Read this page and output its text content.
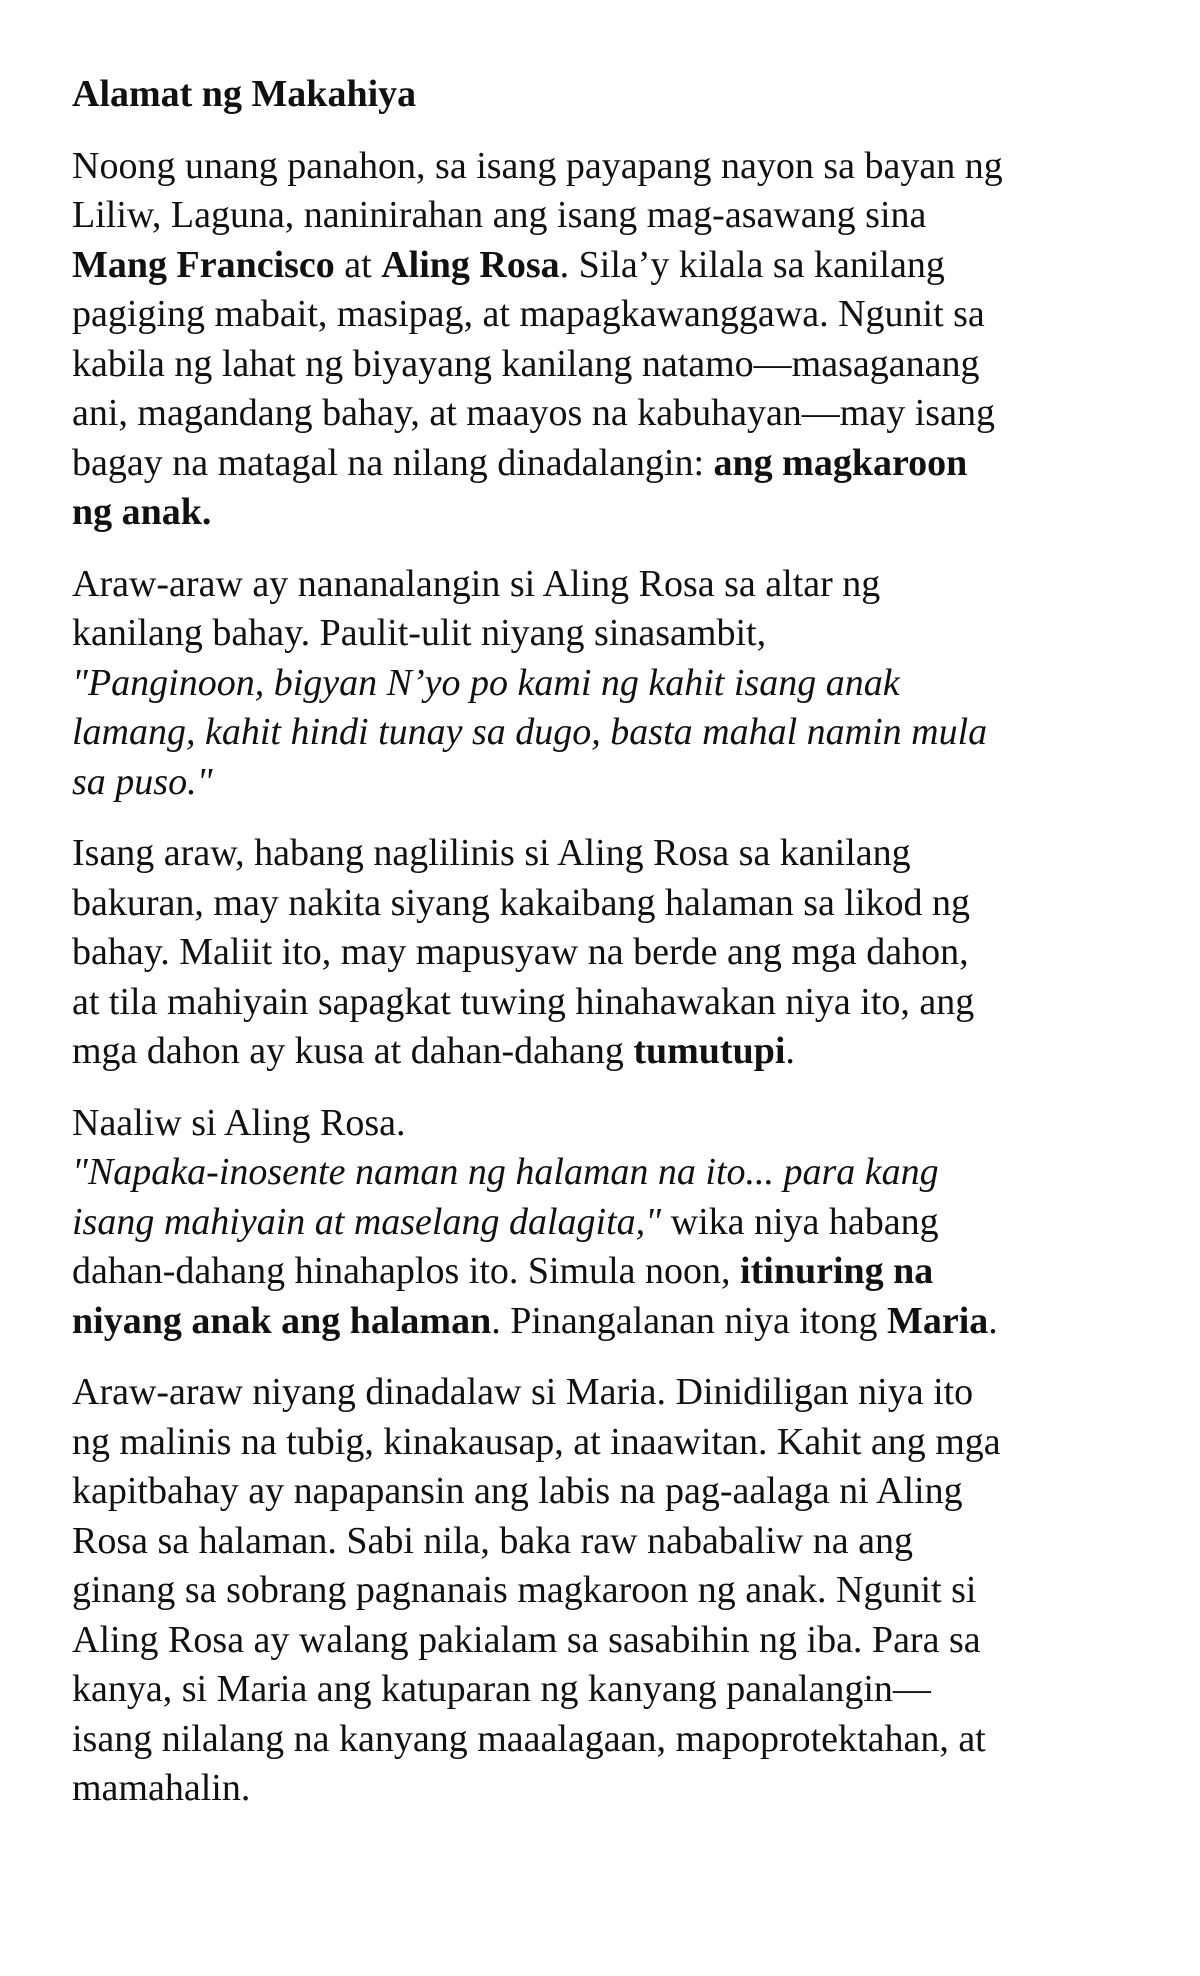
Alamat ng Makahiya

Noong unang panahon, sa isang payapang nayon sa bayan ng
Liliw, Laguna, naninirahan ang isang mag-asawang sina
Mang Francisco at Aling Rosa. Sila’y kilala sa kanilang
pagiging mabait, masipag, at mapagkawanggawa. Ngunit sa
kabila ng lahat ng biyayang kanilang natamo—masaganang
ani, magandang bahay, at maayos na kabuhayan—may isang
bagay na matagal na nilang dinadalangin: ang magkaroon
ng anak.

Araw-araw ay nananalangin si Aling Rosa sa altar ng
kanilang bahay. Paulit-ulit niyang sinasambit,
"Panginoon, bigyan N’yo po kami ng kahit isang anak
lamang, kahit hindi tunay sa dugo, basta mahal namin mula
sa puso."

Isang araw, habang naglilinis si Aling Rosa sa kanilang
bakuran, may nakita siyang kakaibang halaman sa likod ng
bahay. Maliit ito, may mapusyaw na berde ang mga dahon,
at tila mahiyain sapagkat tuwing hinahawakan niya ito, ang
mga dahon ay kusa at dahan-dahang tumutupi.

Naaliw si Aling Rosa.
"Napaka-inosente naman ng halaman na ito... para kang
isang mahiyain at maselang dalagita," wika niya habang
dahan-dahang hinahaplos ito. Simula noon, itinuring na
niyang anak ang halaman. Pinangalanan niya itong Maria.

Araw-araw niyang dinadalaw si Maria. Dinidiligan niya ito
ng malinis na tubig, kinakausap, at inaawitan. Kahit ang mga
kapitbahay ay napapansin ang labis na pag-aalaga ni Aling
Rosa sa halaman. Sabi nila, baka raw nababaliw na ang
ginang sa sobrang pagnanais magkaroon ng anak. Ngunit si
Aling Rosa ay walang pakialam sa sasabihin ng iba. Para sa
kanya, si Maria ang katuparan ng kanyang panalangin—
isang nilalang na kanyang maaalagaan, mapoprotektahan, at
mamahalin.
